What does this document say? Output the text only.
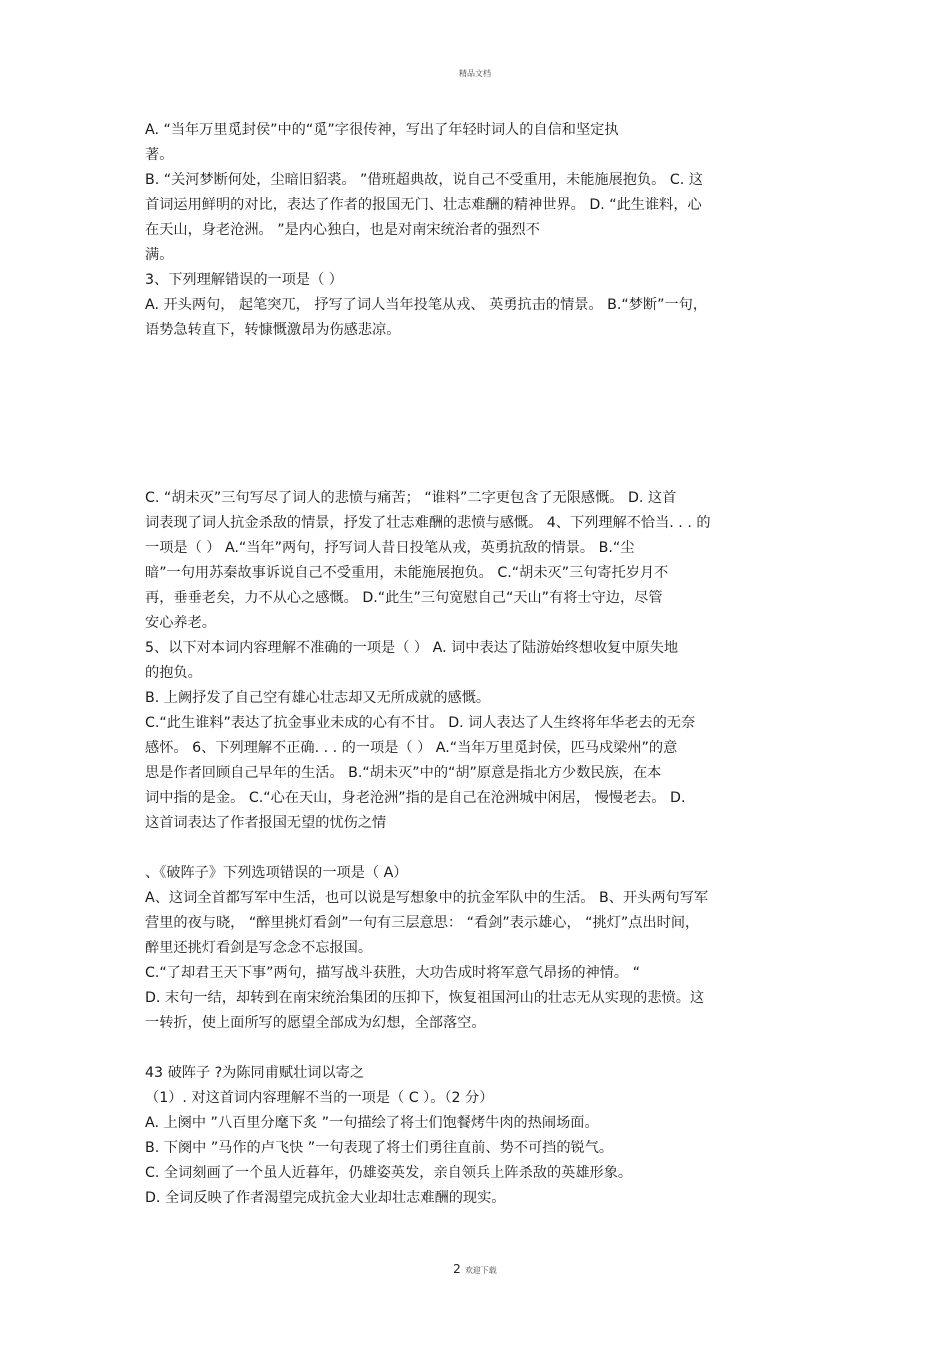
精品文档
A. “当年万里觅封侯”中的“觅”字很传神，写出了年轻时词人的自信和坚定执
著。
B. “关河梦断何处，尘暗旧貂裘。 ”借班超典故，说自己不受重用，未能施展抱负。 C. 这
首词运用鲜明的对比，表达了作者的报国无门、壮志难酬的精神世界。 D. “此生谁料，心
在天山，身老沧洲。 ”是内心独白，也是对南宋统治者的强烈不
满。
3、下列理解错误的一项是（ ）
A. 开头两句， 起笔突兀， 抒写了词人当年投笔从戎、 英勇抗击的情景。 B.“梦断”一句，
语势急转直下，转慷慨激昂为伤感悲凉。
C. “胡未灭”三句写尽了词人的悲愤与痛苦； “谁料”二字更包含了无限感慨。 D. 这首
词表现了词人抗金杀敌的情景，抒发了壮志难酬的悲愤与感慨。 4、下列理解不恰当. . . 的
一项是（ ） A.“当年”两句，抒写词人昔日投笔从戎，英勇抗敌的情景。 B.“尘
暗”一句用苏秦故事诉说自己不受重用，未能施展抱负。 C.“胡未灭”三句寄托岁月不
再，垂垂老矣，力不从心之感慨。 D.“此生”三句宽慰自己“天山”有将士守边，尽管
安心养老。
5、以下对本词内容理解不准确的一项是（ ） A. 词中表达了陆游始终想收复中原失地
的抱负。
B. 上阙抒发了自己空有雄心壮志却又无所成就的感慨。
C.“此生谁料”表达了抗金事业未成的心有不甘。 D. 词人表达了人生终将年华老去的无奈
感怀。 6、下列理解不正确. . . 的一项是（ ） A.“当年万里觅封侯，匹马戍梁州”的意
思是作者回顾自己早年的生活。 B.“胡未灭”中的“胡”原意是指北方少数民族，在本
词中指的是金。 C.“心在天山，身老沧洲”指的是自己在沧洲城中闲居， 慢慢老去。 D.
这首词表达了作者报国无望的忧伤之情
、《破阵子》下列选项错误的一项是（ A）
A、这词全首都写军中生活，也可以说是写想象中的抗金军队中的生活。 B、开头两句写军
营里的夜与晓， “醉里挑灯看剑”一句有三层意思： “看剑”表示雄心， “挑灯”点出时间，
醉里还挑灯看剑是写念念不忘报国。
C.“了却君王天下事”两句，描写战斗获胜，大功告成时将军意气昂扬的神情。 “
D. 末句一结，却转到在南宋统治集团的压抑下，恢复祖国河山的壮志无从实现的悲愤。这
一转折，使上面所写的愿望全部成为幻想，全部落空。
43 破阵子 ?为陈同甫赋壮词以寄之
（1）. 对这首词内容理解不当的一项是（ C ）。（2 分）
A. 上阕中 ”八百里分麾下炙 ”一句描绘了将士们饱餐烤牛肉的热闹场面。
B. 下阕中 ”马作的卢飞快 ”一句表现了将士们勇往直前、势不可挡的锐气。
C. 全词刻画了一个虽人近暮年，仍雄姿英发，亲自领兵上阵杀敌的英雄形象。
D. 全词反映了作者渴望完成抗金大业却壮志难酬的现实。
2 欢迎下载
